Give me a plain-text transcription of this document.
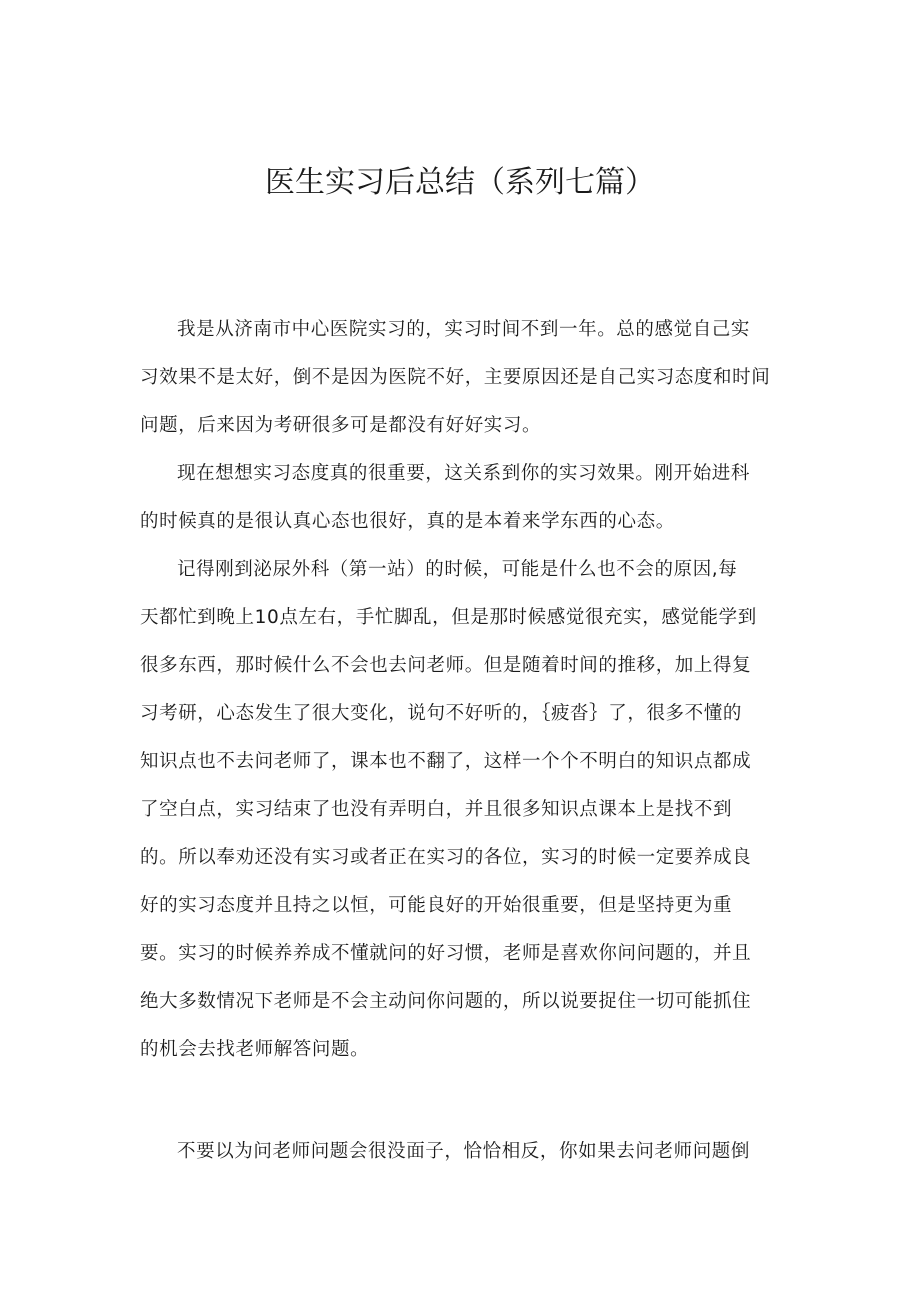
医生实习后总结（系列七篇）
我是从济南市中心医院实习的，实习时间不到一年。总的感觉自己实
习效果不是太好，倒不是因为医院不好，主要原因还是自己实习态度和时间
问题，后来因为考研很多可是都没有好好实习。
现在想想实习态度真的很重要，这关系到你的实习效果。刚开始进科
的时候真的是很认真心态也很好，真的是本着来学东西的心态。
记得刚到泌尿外科（第一站）的时候，可能是什么也不会的原因,每
天都忙到晚上10点左右，手忙脚乱，但是那时候感觉很充实，感觉能学到
很多东西，那时候什么不会也去问老师。但是随着时间的推移，加上得复
习考研，心态发生了很大变化，说句不好听的，｛疲沓｝了，很多不懂的
知识点也不去问老师了，课本也不翻了，这样一个个不明白的知识点都成
了空白点，实习结束了也没有弄明白，并且很多知识点课本上是找不到
的。所以奉劝还没有实习或者正在实习的各位，实习的时候一定要养成良
好的实习态度并且持之以恒，可能良好的开始很重要，但是坚持更为重
要。实习的时候养养成不懂就问的好习惯，老师是喜欢你问问题的，并且
绝大多数情况下老师是不会主动问你问题的，所以说要捉住一切可能抓住
的机会去找老师解答问题。
不要以为问老师问题会很没面子，恰恰相反，你如果去问老师问题倒
